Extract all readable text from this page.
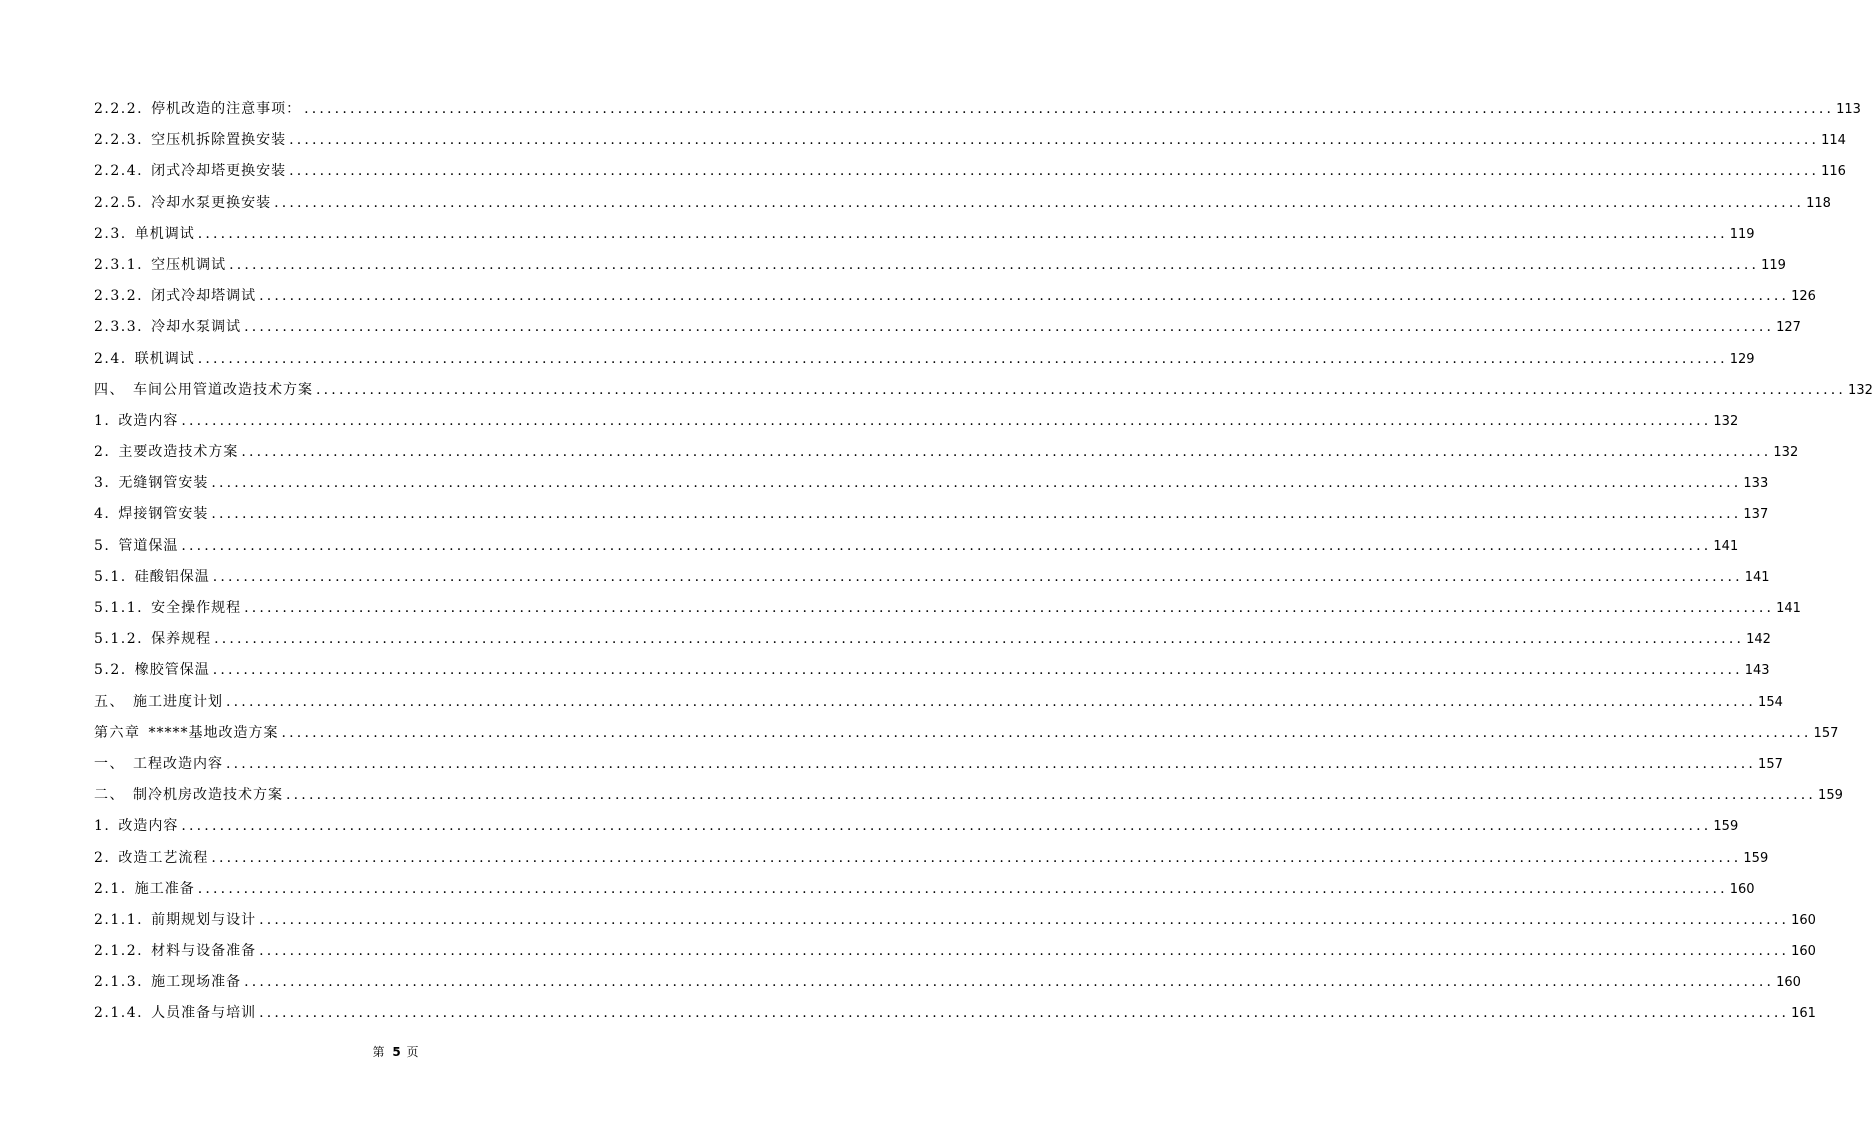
2.2.2. 停机改造的注意事项： ........................................................................................................................................................................................................ 113
2.2.3. 空压机拆除置换安装 ........................................................................................................................................................................................................ 114
2.2.4. 闭式冷却塔更换安装 ........................................................................................................................................................................................................ 116
2.2.5. 冷却水泵更换安装 ........................................................................................................................................................................................................ 118
2.3. 单机调试 ........................................................................................................................................................................................................ 119
2.3.1. 空压机调试 ........................................................................................................................................................................................................ 119
2.3.2. 闭式冷却塔调试 ........................................................................................................................................................................................................ 126
2.3.3. 冷却水泵调试 ........................................................................................................................................................................................................ 127
2.4. 联机调试 ........................................................................................................................................................................................................ 129
四、 车间公用管道改造技术方案 ........................................................................................................................................................................................................ 132
1. 改造内容 ........................................................................................................................................................................................................ 132
2. 主要改造技术方案 ........................................................................................................................................................................................................ 132
3. 无缝钢管安装 ........................................................................................................................................................................................................ 133
4. 焊接钢管安装 ........................................................................................................................................................................................................ 137
5. 管道保温 ........................................................................................................................................................................................................ 141
5.1. 硅酸铝保温 ........................................................................................................................................................................................................ 141
5.1.1. 安全操作规程 ........................................................................................................................................................................................................ 141
5.1.2. 保养规程 ........................................................................................................................................................................................................ 142
5.2. 橡胶管保温 ........................................................................................................................................................................................................ 143
五、 施工进度计划 ........................................................................................................................................................................................................ 154
第六章 *****基地改造方案 ........................................................................................................................................................................................................ 157
一、 工程改造内容 ........................................................................................................................................................................................................ 157
二、 制冷机房改造技术方案 ........................................................................................................................................................................................................ 159
1. 改造内容 ........................................................................................................................................................................................................ 159
2. 改造工艺流程 ........................................................................................................................................................................................................ 159
2.1. 施工准备 ........................................................................................................................................................................................................ 160
2.1.1. 前期规划与设计 ........................................................................................................................................................................................................ 160
2.1.2. 材料与设备准备 ........................................................................................................................................................................................................ 160
2.1.3. 施工现场准备 ........................................................................................................................................................................................................ 160
2.1.4. 人员准备与培训 ........................................................................................................................................................................................................ 161
第 5 页
